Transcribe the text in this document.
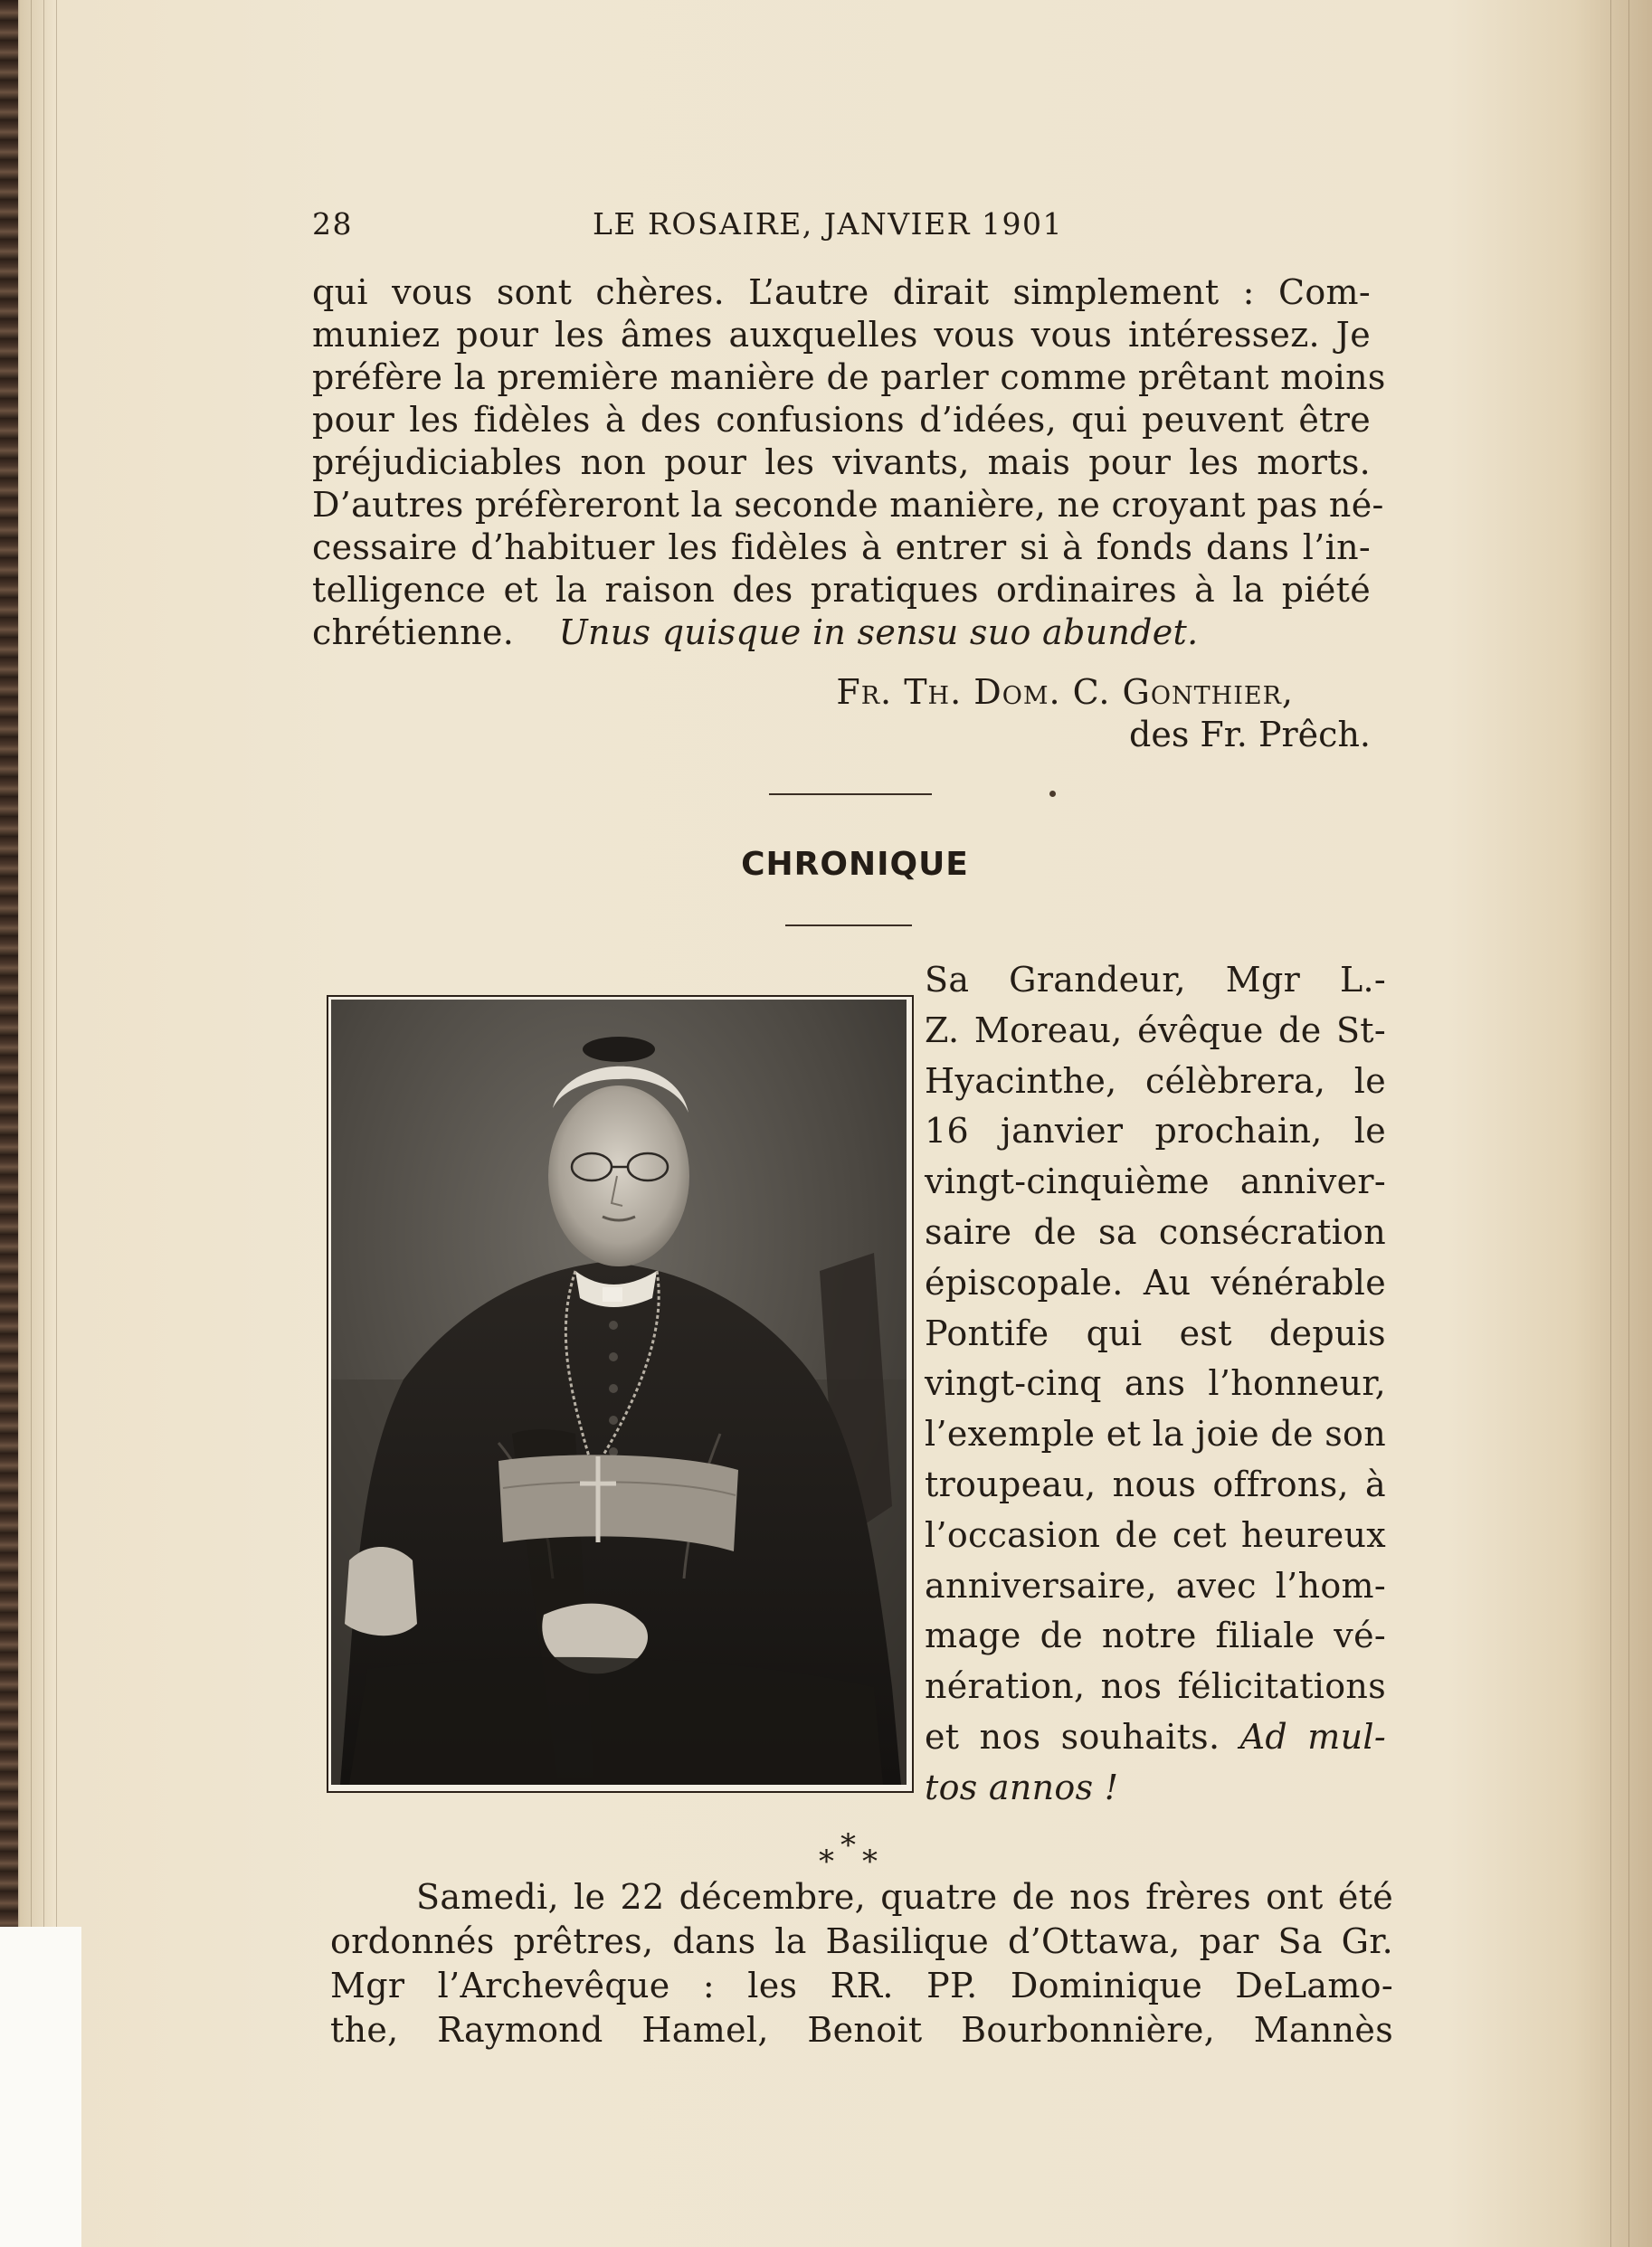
28	LE ROSAIRE, JANVIER 1901
qui vous sont chères. L’autre dirait simplement : Com-
muniez pour les âmes auxquelles vous vous intéressez. Je
préfère la première manière de parler comme prêtant moins
pour les fidèles à des confusions d’idées, qui peuvent être
préjudiciables non pour les vivants, mais pour les morts.
D’autres préfèreront la seconde manière, ne croyant pas né-
cessaire d’habituer les fidèles à entrer si à fonds dans l’in-
telligence et la raison des pratiques ordinaires à la piété
chrétienne. Unus quisque in sensu suo abundet.
Fr. Th. Dom. C. Gonthier,
des Fr. Prêch.
CHRONIQUE
Sa Grandeur, Mgr L.-
Z. Moreau, évêque de St-
Hyacinthe, célèbrera, le
16 janvier prochain, le
vingt-cinquième anniver-
saire de sa consécration
épiscopale. Au vénérable
Pontife qui est depuis
vingt-cinq ans l’honneur,
l’exemple et la joie de son
troupeau, nous offrons, à
l’occasion de cet heureux
anniversaire, avec l’hom-
mage de notre filiale vé-
nération, nos félicitations
et nos souhaits. Ad mul-
tos annos !
* * *
Samedi, le 22 décembre, quatre de nos frères ont été
ordonnés prêtres, dans la Basilique d’Ottawa, par Sa Gr.
Mgr l’Archevêque : les RR. PP. Dominique DeLamo-
the, Raymond Hamel, Benoit Bourbonnière, Mannès
